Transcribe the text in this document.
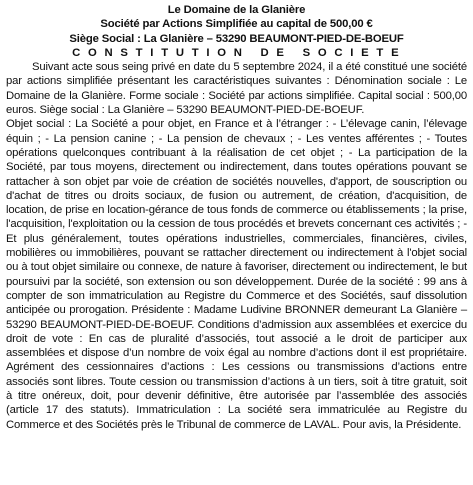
Le Domaine de la Glanière

Société par Actions Simplifiée au capital de 500,00 €

Siège Social : La Glanière – 53290 BEAUMONT-PIED-DE-BOEUF

C O N S T I T U T I O N   D E   S O C I E T E

Suivant acte sous seing privé en date du 5 septembre 2024, il a été constitué une société par actions simplifiée présentant les caractéristiques suivantes : Dénomination sociale : Le Domaine de la Glanière. Forme sociale : Société par actions simplifiée. Capital social : 500,00 euros. Siège social : La Glanière – 53290 BEAUMONT-PIED-DE-BOEUF.

Objet social : La Société a pour objet, en France et à l’étranger : - L’élevage canin, l’élevage équin ; - La pension canine ; - La pension de chevaux ; - Les ventes afférentes ; - Toutes opérations quelconques contribuant à la réalisation de cet objet ; - La participation de la Société, par tous moyens, directement ou indirectement, dans toutes opérations pouvant se rattacher à son objet par voie de création de sociétés nouvelles, d'apport, de souscription ou d'achat de titres ou droits sociaux, de fusion ou autrement, de création, d'acquisition, de location, de prise en location-gérance de tous fonds de commerce ou établissements ; la prise, l'acquisition, l'exploitation ou la cession de tous procédés et brevets concernant ces activités ; - Et plus généralement, toutes opérations industrielles, commerciales, financières, civiles, mobilières ou immobilières, pouvant se rattacher directement ou indirectement à l'objet social ou à tout objet similaire ou connexe, de nature à favoriser, directement ou indirectement, le but poursuivi par la société, son extension ou son développement. Durée de la société : 99 ans à compter de son immatriculation au Registre du Commerce et des Sociétés, sauf dissolution anticipée ou prorogation. Présidente : Madame Ludivine BRONNER demeurant La Glanière – 53290 BEAUMONT-PIED-DE-BOEUF. Conditions d’admission aux assemblées et exercice du droit de vote : En cas de pluralité d’associés, tout associé a le droit de participer aux assemblées et dispose d’un nombre de voix égal au nombre d’actions dont il est propriétaire. Agrément des cessionnaires d’actions : Les cessions ou transmissions d’actions entre associés sont libres. Toute cession ou transmission d’actions à un tiers, soit à titre gratuit, soit à titre onéreux, doit, pour devenir définitive, être autorisée par l’assemblée des associés (article 17 des statuts). Immatriculation : La société sera immatriculée au Registre du Commerce et des Sociétés près le Tribunal de commerce de LAVAL. Pour avis, la Présidente.
